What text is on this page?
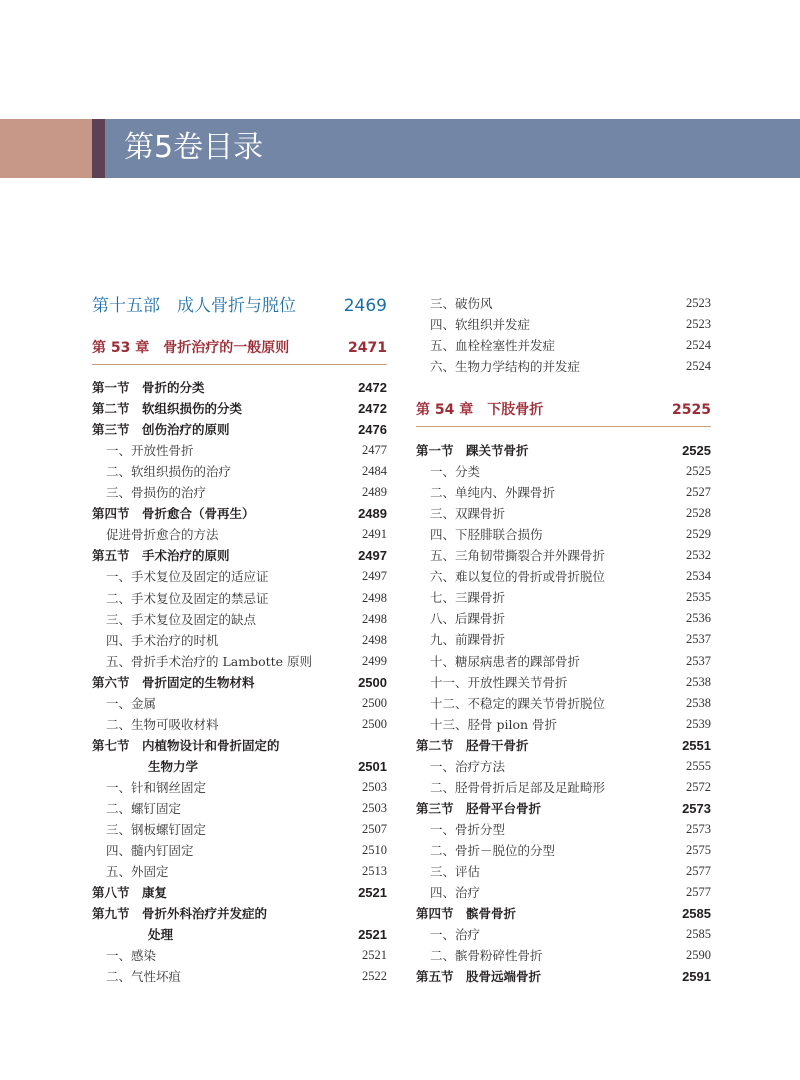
第5卷目录
第十五部　成人骨折与脱位	2469
第 53 章　骨折治疗的一般原则	2471
第一节　骨折的分类	2472
第二节　软组织损伤的分类	2472
第三节　创伤治疗的原则	2476
一、开放性骨折	2477
二、软组织损伤的治疗	2484
三、骨损伤的治疗	2489
第四节　骨折愈合（骨再生）	2489
促进骨折愈合的方法	2491
第五节　手术治疗的原则	2497
一、手术复位及固定的适应证	2497
二、手术复位及固定的禁忌证	2498
三、手术复位及固定的缺点	2498
四、手术治疗的时机	2498
五、骨折手术治疗的 Lambotte 原则	2499
第六节　骨折固定的生物材料	2500
一、金属	2500
二、生物可吸收材料	2500
第七节　内植物设计和骨折固定的
生物力学	2501
一、针和钢丝固定	2503
二、螺钉固定	2503
三、钢板螺钉固定	2507
四、髓内钉固定	2510
五、外固定	2513
第八节　康复	2521
第九节　骨折外科治疗并发症的
处理	2521
一、感染	2521
二、气性坏疽	2522
三、破伤风	2523
四、软组织并发症	2523
五、血栓栓塞性并发症	2524
六、生物力学结构的并发症	2524
第 54 章　下肢骨折	2525
第一节　踝关节骨折	2525
一、分类	2525
二、单纯内、外踝骨折	2527
三、双踝骨折	2528
四、下胫腓联合损伤	2529
五、三角韧带撕裂合并外踝骨折	2532
六、难以复位的骨折或骨折脱位	2534
七、三踝骨折	2535
八、后踝骨折	2536
九、前踝骨折	2537
十、糖尿病患者的踝部骨折	2537
十一、开放性踝关节骨折	2538
十二、不稳定的踝关节骨折脱位	2538
十三、胫骨 pilon 骨折	2539
第二节　胫骨干骨折	2551
一、治疗方法	2555
二、胫骨骨折后足部及足趾畸形	2572
第三节　胫骨平台骨折	2573
一、骨折分型	2573
二、骨折－脱位的分型	2575
三、评估	2577
四、治疗	2577
第四节　髌骨骨折	2585
一、治疗	2585
二、髌骨粉碎性骨折	2590
第五节　股骨远端骨折	2591
